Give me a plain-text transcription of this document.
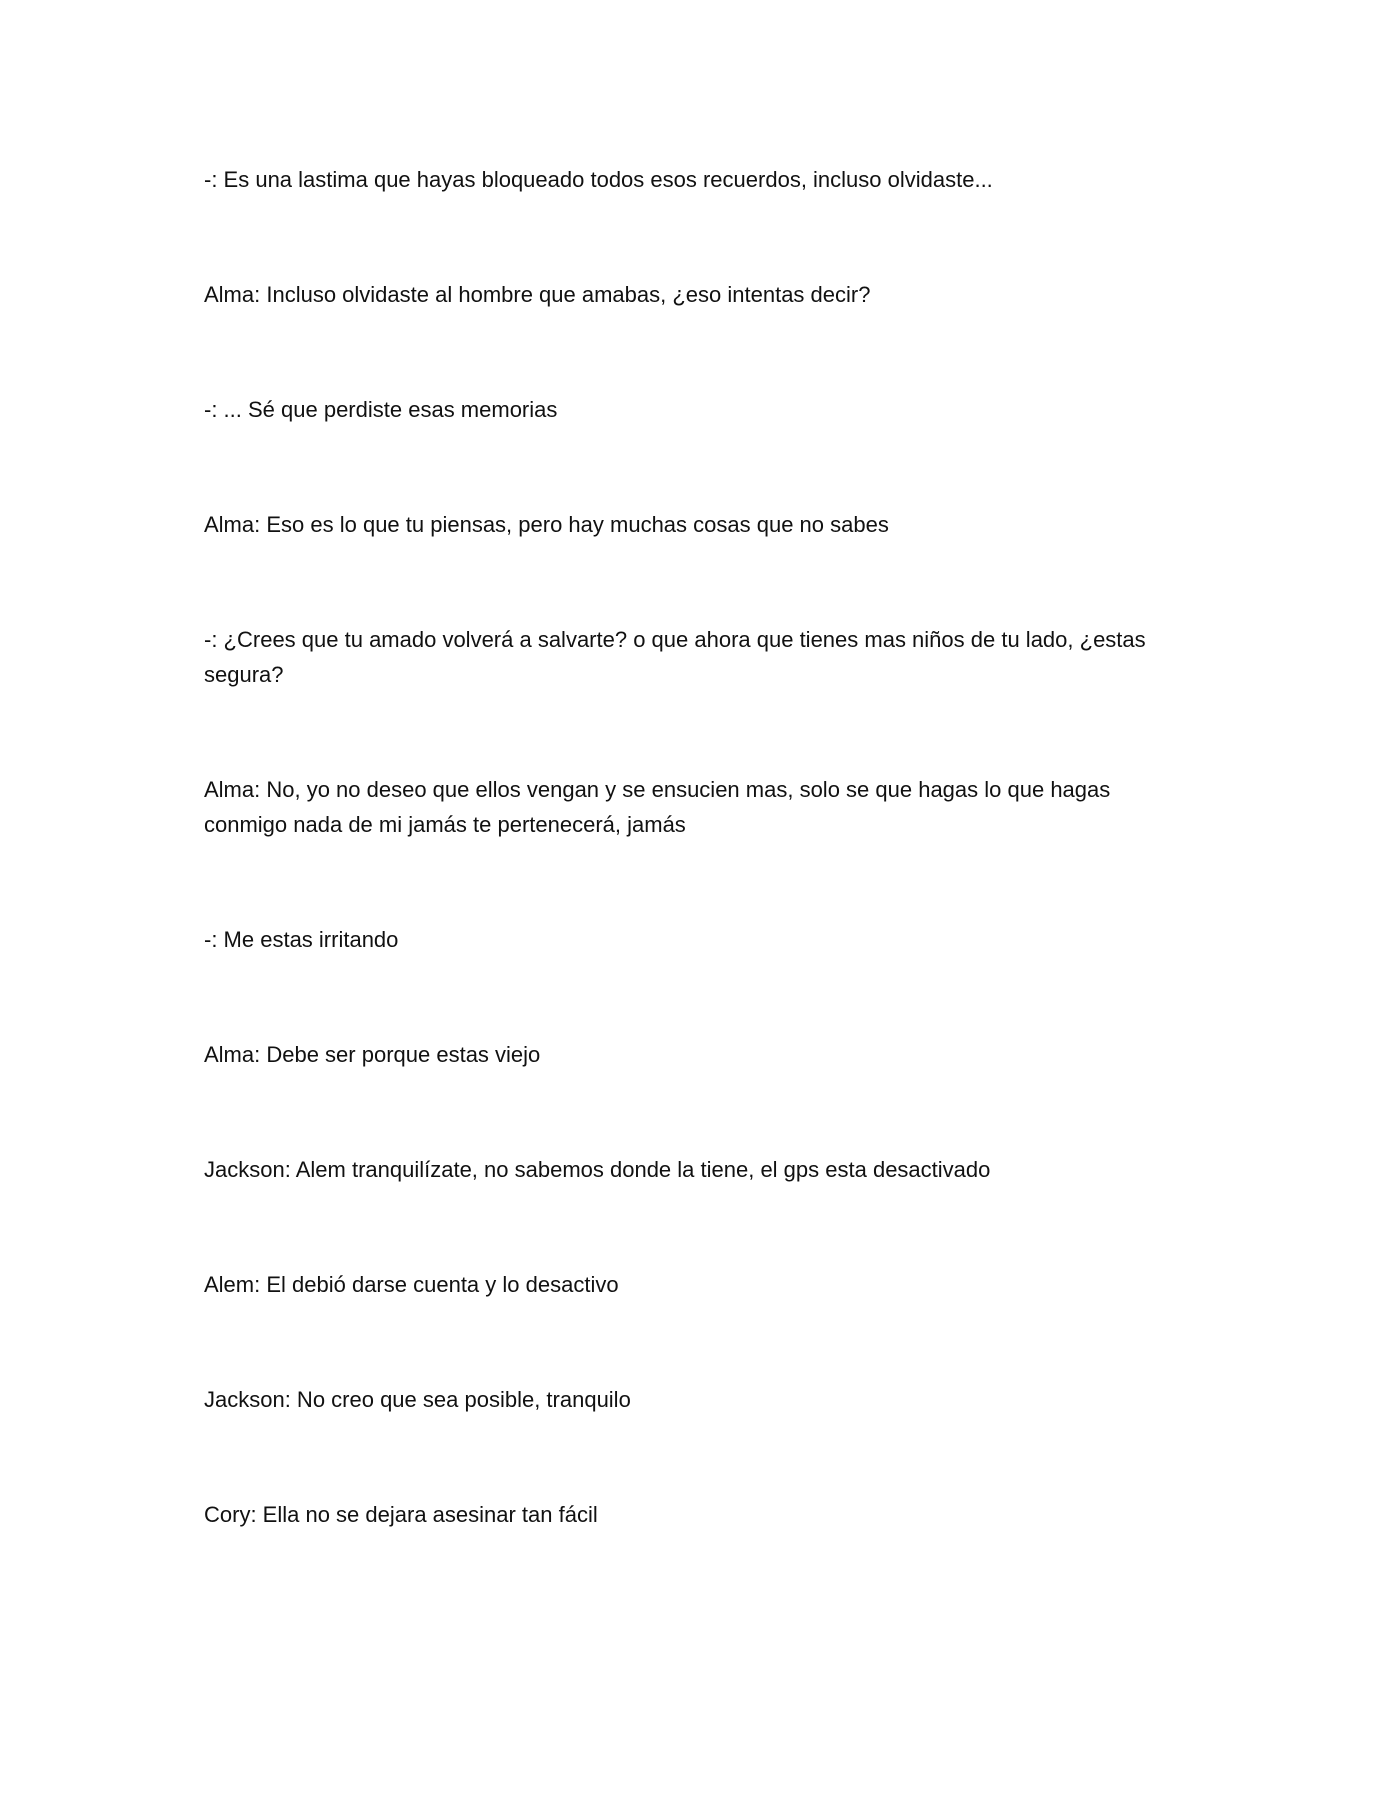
-: Es una lastima que hayas bloqueado todos esos recuerdos, incluso olvidaste...

Alma: Incluso olvidaste al hombre que amabas, ¿eso intentas decir?

-: ... Sé que perdiste esas memorias

Alma: Eso es lo que tu piensas, pero hay muchas cosas que no sabes

-: ¿Crees que tu amado volverá a salvarte? o que ahora que tienes mas niños de tu lado, ¿estas segura?

Alma: No, yo no deseo que ellos vengan y se ensucien mas, solo se que hagas lo que hagas conmigo nada de mi jamás te pertenecerá, jamás

-: Me estas irritando

Alma: Debe ser porque estas viejo

Jackson: Alem tranquilízate, no sabemos donde la tiene, el gps esta desactivado

Alem: El debió darse cuenta y lo desactivo

Jackson: No creo que sea posible, tranquilo

Cory: Ella no se dejara asesinar tan fácil
